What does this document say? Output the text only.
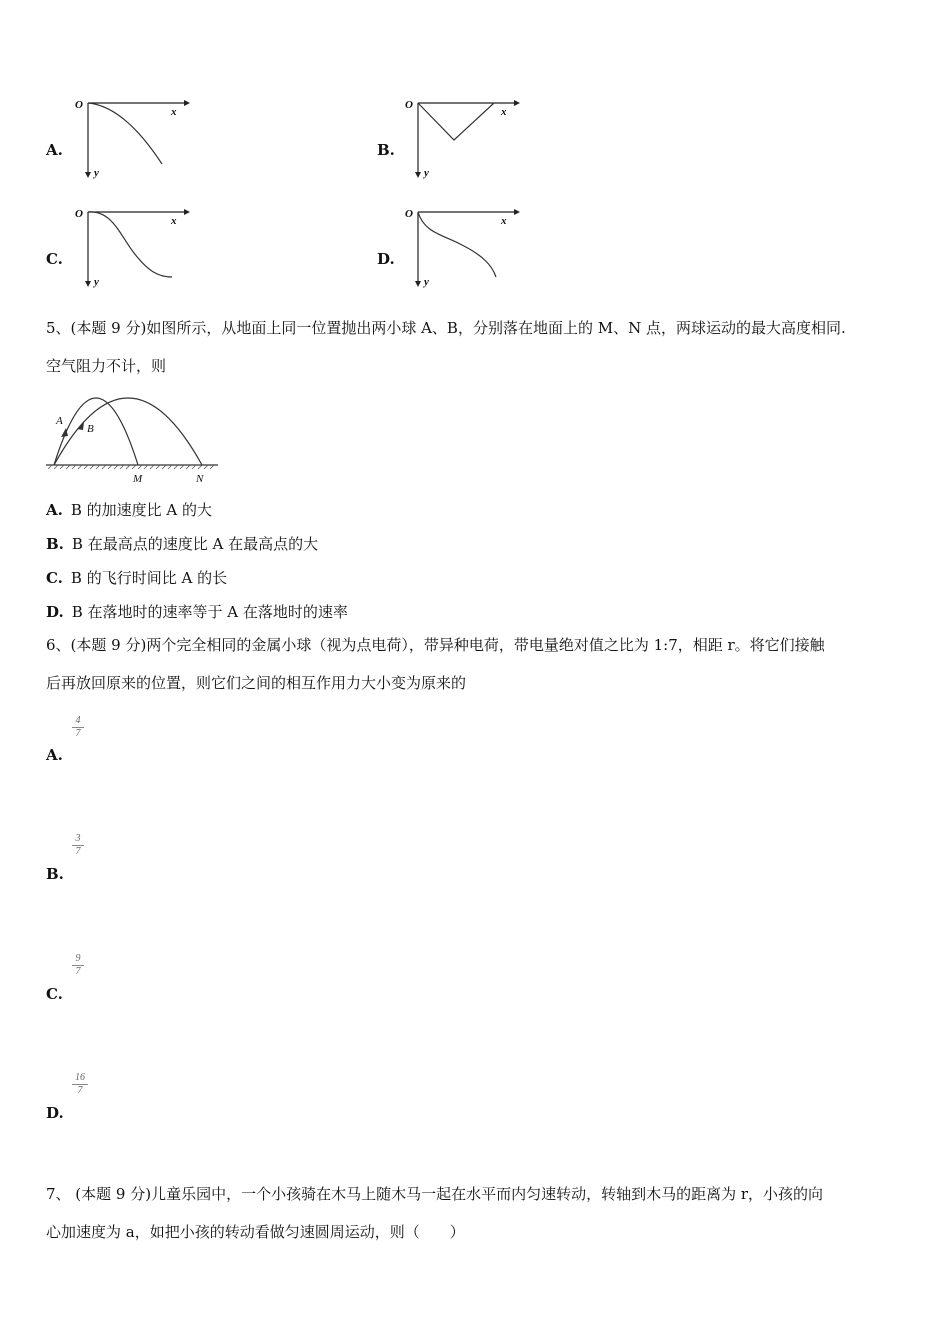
A.
O
x
y
B.
O
x
y
C.
O
x
y
D.
O
x
y
5、(本题 9 分)如图所示，从地面上同一位置抛出两小球 A、B，分别落在地面上的 M、N 点，两球运动的最大高度相同.
空气阻力不计，则
A
B
M	N
A. B 的加速度比 A 的大
B. B 在最高点的速度比 A 在最高点的大
C. B 的飞行时间比 A 的长
D. B 在落地时的速率等于 A 在落地时的速率
6、(本题 9 分)两个完全相同的金属小球（视为点电荷），带异种电荷，带电量绝对值之比为 1:7，相距 r。将它们接触
后再放回原来的位置，则它们之间的相互作用力大小变为原来的
4
7
A.
3
7
B.
9
7
C.
16
7
D.
7、 (本题 9 分)儿童乐园中，一个小孩骑在木马上随木马一起在水平而内匀速转动，转轴到木马的距离为 r，小孩的向
心加速度为 a，如把小孩的转动看做匀速圆周运动，则（　　）
